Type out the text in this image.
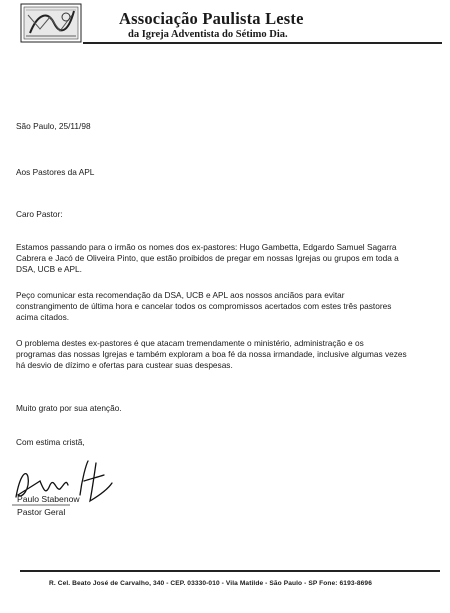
Associação Paulista Leste
da Igreja Adventista do Sétimo Dia.
São Paulo, 25/11/98
Aos Pastores da APL
Caro Pastor:
Estamos passando para o irmão os nomes dos ex-pastores: Hugo Gambetta, Edgardo Samuel Sagarra
Cabrera e Jacó de Oliveira Pinto, que estão proibidos de pregar em nossas Igrejas ou grupos em toda a
DSA, UCB e APL.
Peço comunicar esta recomendação da DSA, UCB e APL aos nossos anciãos para evitar
constrangimento de última hora e cancelar todos os compromissos acertados com estes três pastores
acima citados.
O problema destes ex-pastores é que atacam tremendamente o ministério, administração e os
programas das nossas Igrejas e também exploram a boa fé da nossa irmandade, inclusive algumas vezes
há desvio de dízimo e ofertas para custear suas despesas.
Muito grato por sua atenção.
Com estima cristã,
Paulo Stabenow
Pastor Geral
R. Cel. Beato José de Carvalho, 340 - CEP. 03330-010 - Vila Matilde - São Paulo - SP Fone: 6193-8696
